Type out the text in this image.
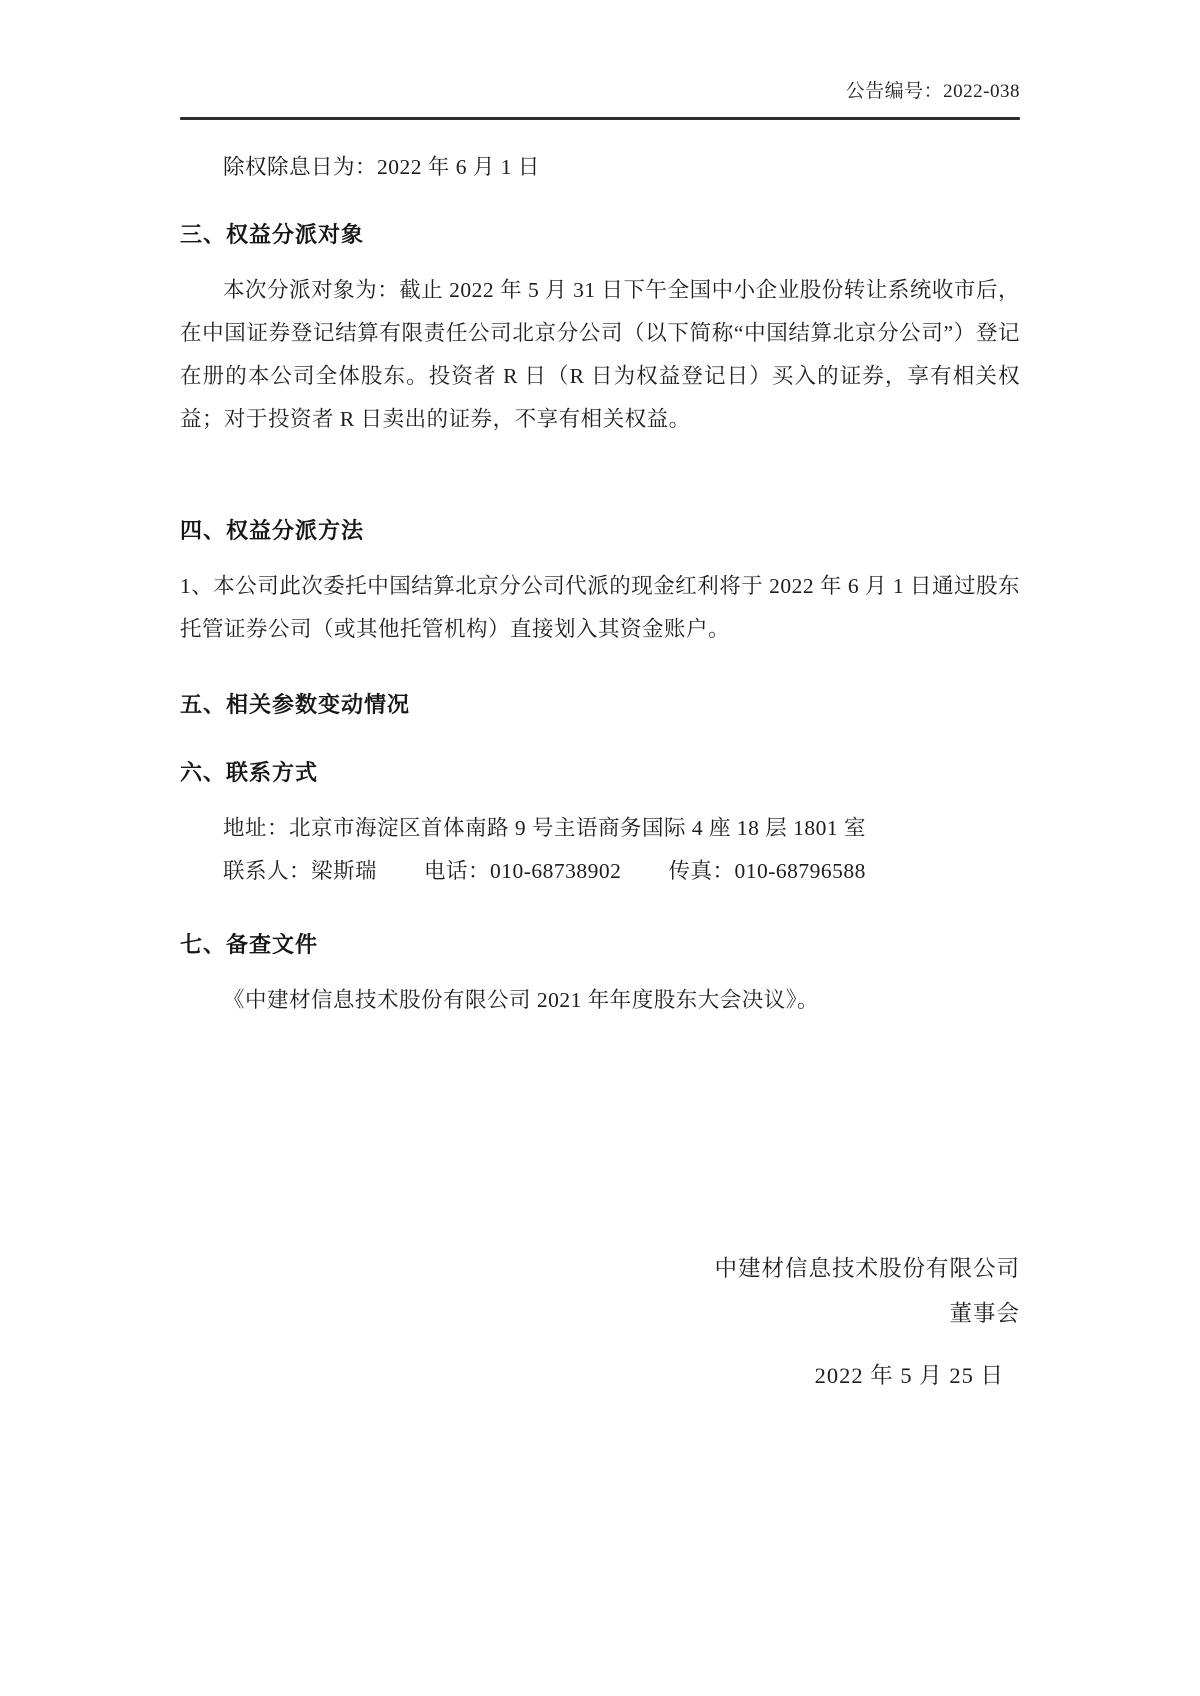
公告编号：2022-038
除权除息日为：2022 年 6 月 1 日
三、权益分派对象

本次分派对象为：截止 2022 年 5 月 31 日下午全国中小企业股份转让系统收市后，在中国证券登记结算有限责任公司北京分公司（以下简称“中国结算北京分公司”）登记在册的本公司全体股东。投资者 R 日（R 日为权益登记日）买入的证券，享有相关权益；对于投资者 R 日卖出的证券，不享有相关权益。

四、权益分派方法

1、本公司此次委托中国结算北京分公司代派的现金红利将于 2022 年 6 月 1 日通过股东托管证券公司（或其他托管机构）直接划入其资金账户。

五、相关参数变动情况
六、联系方式
地址：北京市海淀区首体南路 9 号主语商务国际 4 座 18 层 1801 室
联系人：梁斯瑞 电话：010-68738902 传真：010-68796588
七、备查文件
《中建材信息技术股份有限公司 2021 年年度股东大会决议》。
中建材信息技术股份有限公司
董事会
2022 年 5 月 25 日
